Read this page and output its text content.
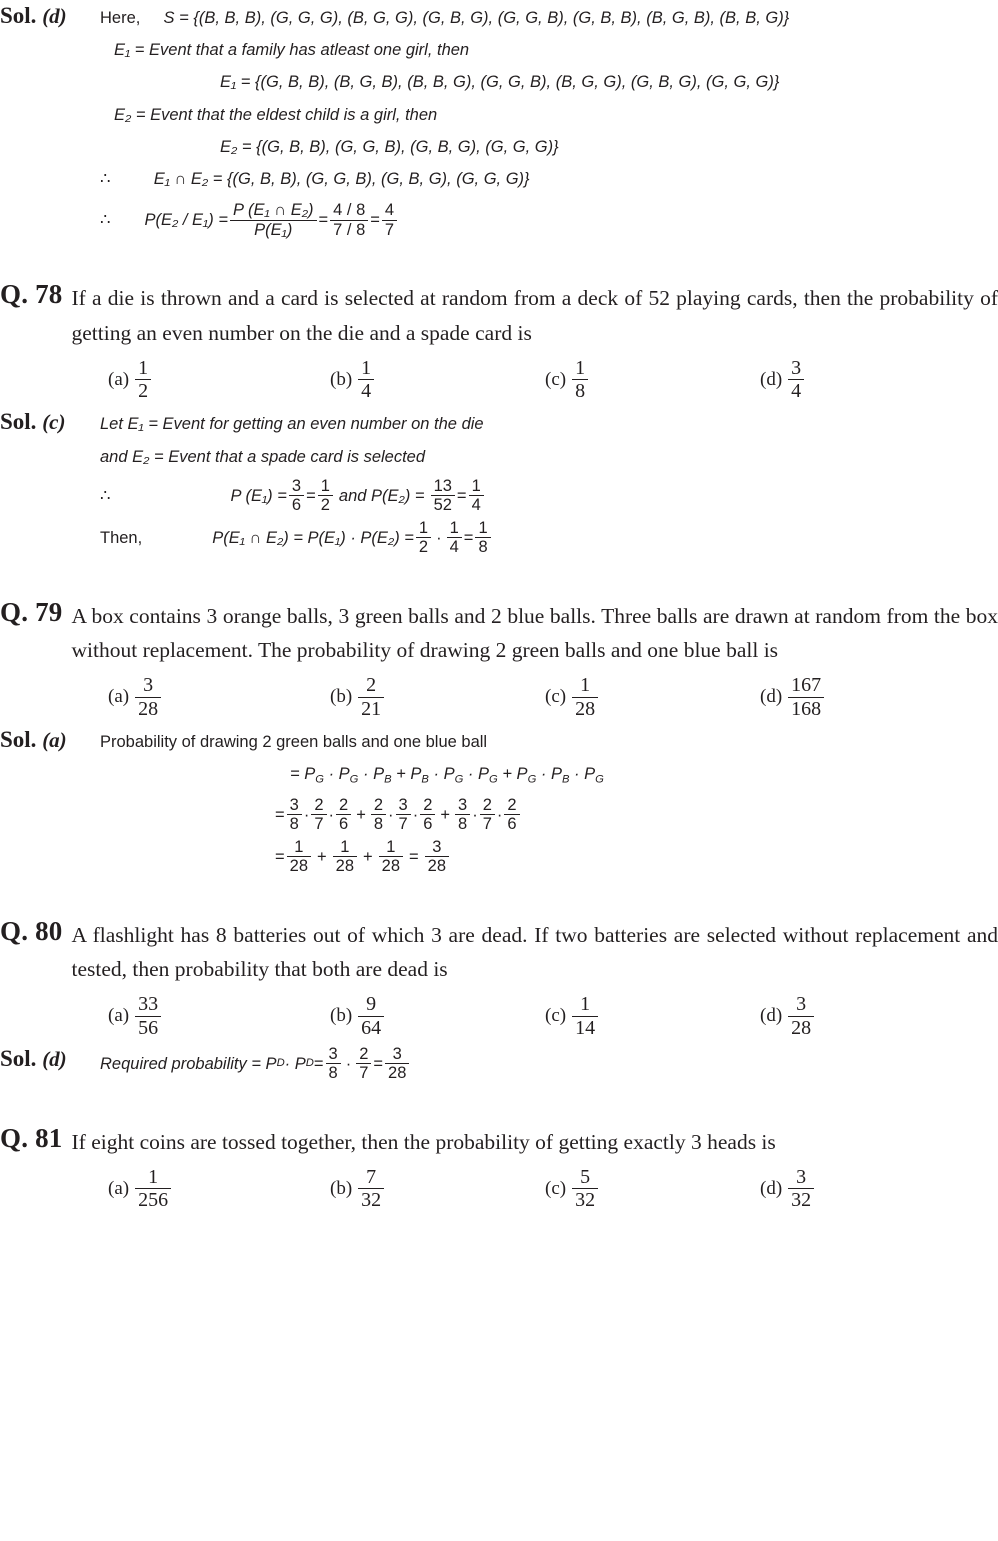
Sol. (d)	Here, S = {(B, B, B), (G, G, G), (B, G, G), (G, B, G), (G, G, B), (G, B, B), (B, G, B), (B, B, G)}
E₁ = Event that a family has atleast one girl, then
E₁ = {(G, B, B), (B, G, B), (B, B, G), (G, G, B), (B, G, G), (G, B, G), (G, G, G)}
E₂ = Event that the eldest child is a girl, then
E₂ = {(G, B, B), (G, G, B), (G, B, G), (G, G, G)}
∴	E₁ ∩ E₂ = {(G, B, B), (G, G, B), (G, B, G), (G, G, G)}
∴ $P(E_2 / E_1) = \frac{\text{P (E₁ ∩ E₂)}}{\text{P(E₁)}} = \frac{4 / 8}{7 / 8} = \frac{4}{7}$
Q. 78 If a die is thrown and a card is selected at random from a deck of 52 playing cards, then the probability of getting an even number on the die and a spade card is
$(a) \frac{1}{2}$	$(b) \frac{1}{4}$	$(c) \frac{1}{8}$	$(d) \frac{3}{4}$
Sol. (c)	Let E₁ = Event for getting an even number on the die
and E₂ = Event that a spade card is selected
∴	P $(E_1) = \frac{3}{6} = \frac{1}{2}$ and $P(E_2) = \frac{13}{52} = \frac{1}{4}$
Then,	P(E₁ ∩ $E_2) = P(E_1) \cdot P(E_2) = \frac{1}{2} \cdot \frac{1}{4} = \frac{1}{8}$
Q. 79 A box contains 3 orange balls, 3 green balls and 2 blue balls. Three balls are drawn at random from the box without replacement. The probability of drawing 2 green balls and one blue ball is
$(a) \frac{3}{28}$	$(b) \frac{2}{21}$	$(c) \frac{1}{28}$	$(d) \frac{167}{168}$
Sol. (a)	Probability of drawing 2 green balls and one blue ball
= $P_G \cdot P_G \cdot P_B + P_B \cdot P_G \cdot P_G + P_G \cdot P_B \cdot P_G$
= $\frac{3}{8} \cdot \frac{2}{7} \cdot \frac{2}{6} + \frac{2}{8} \cdot \frac{3}{7} \cdot \frac{2}{6} + \frac{3}{8} \cdot \frac{2}{7} \cdot \frac{2}{6}$
= $\frac{1}{28} + \frac{1}{28} + \frac{1}{28} = \frac{3}{28}$
Q. 80 A flashlight has 8 batteries out of which 3 are dead. If two batteries are selected without replacement and tested, then probability that both are dead is
$(a) \frac{33}{56}$	$(b) \frac{9}{64}$	$(c) \frac{1}{14}$	$(d) \frac{3}{28}$
Sol. (d)	Required probability = P D · P $D = \frac{3}{8} \cdot \frac{2}{7} = \frac{3}{28}$
Q. 81 If eight coins are tossed together, then the probability of getting exactly 3 heads is
$(a) \frac{1}{256}$	$(b) \frac{7}{32}$	$(c) \frac{5}{32}$	$(d) \frac{3}{32}$
